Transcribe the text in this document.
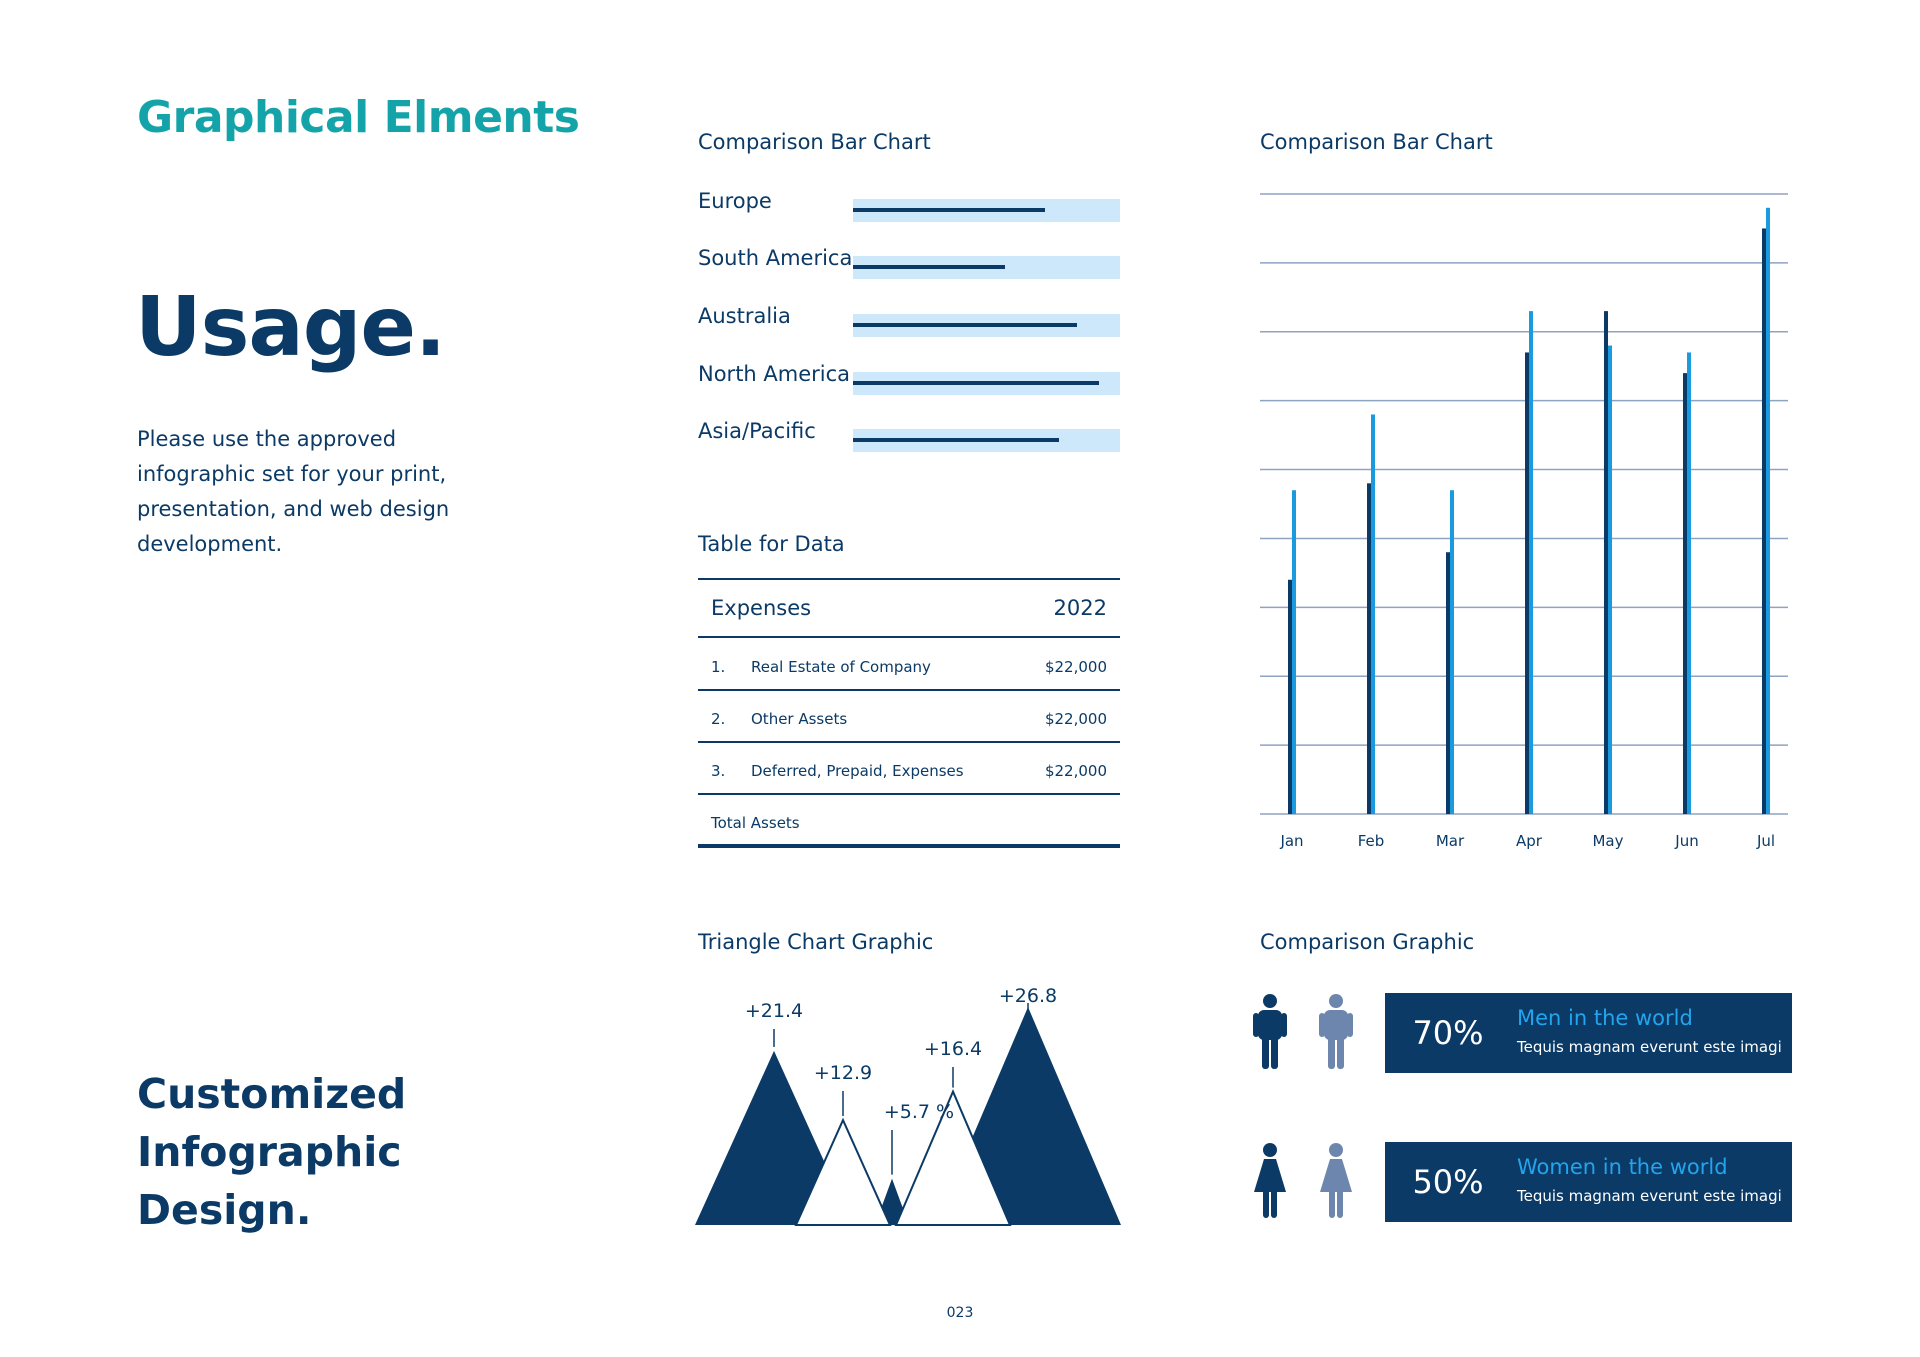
Graphical Elments
Usage.
Please use the approved infographic set for your print, presentation, and web design development.
Customized
Infographic
Design.
Comparison Bar Chart
Europe
South America
Australia
North America
Asia/Pacific
Table for Data
Expenses	2022
1. Real Estate of Company	$22,000
2. Other Assets	$22,000
3. Deferred, Prepaid, Expenses	$22,000
Total Assets
Comparison Bar Chart
Jan	Feb	Mar	Apr	May	Jun	Jul
Triangle Chart Graphic
+21.4
+12.9
+5.7 %
+16.4
+26.8
Comparison Graphic
70% Men in the world
Tequis magnam everunt este imagi
50% Women in the world
Tequis magnam everunt este imagi
023
